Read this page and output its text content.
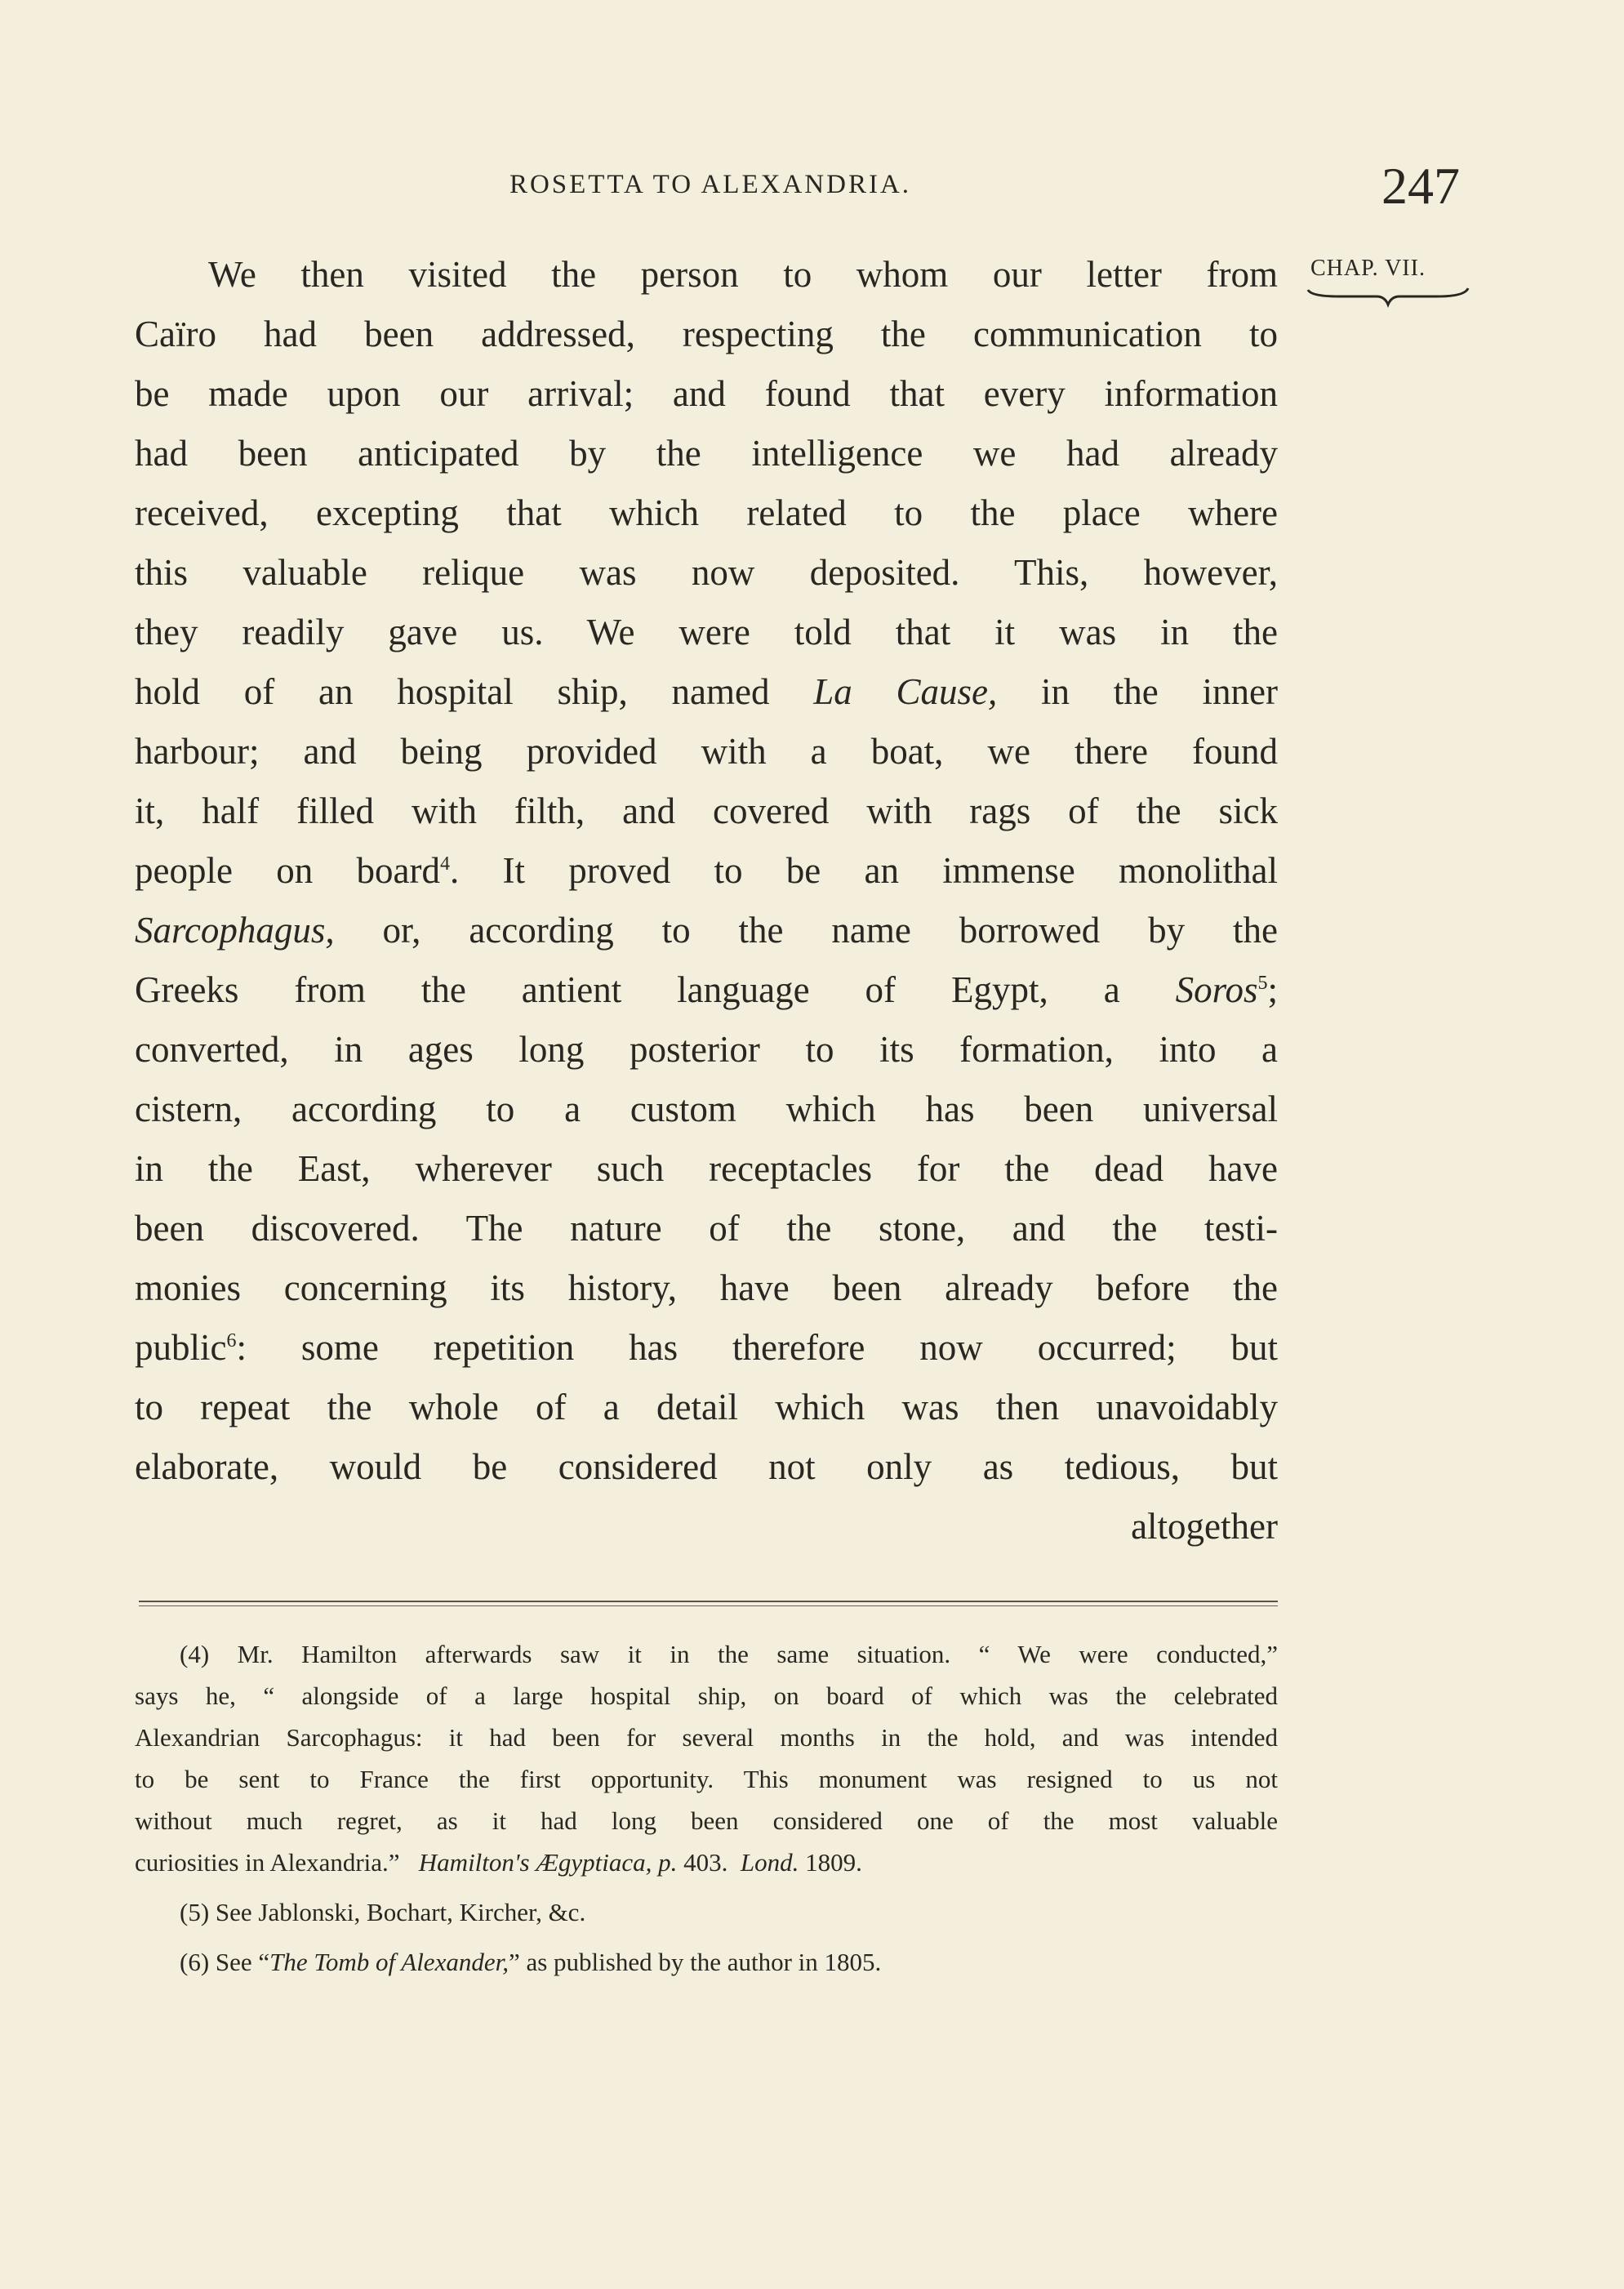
ROSETTA TO ALEXANDRIA.	247
CHAP. VII.
We then visited the person to whom our letter from
Caïro had been addressed, respecting the communication to
be made upon our arrival; and found that every information
had been anticipated by the intelligence we had already
received, excepting that which related to the place where
this valuable relique was now deposited. This, however,
they readily gave us. We were told that it was in the
hold of an hospital ship, named La Cause, in the inner
harbour; and being provided with a boat, we there found
it, half filled with filth, and covered with rags of the sick
people on board$^4$. It proved to be an immense monolithal
Sarcophagus, or, according to the name borrowed by the
Greeks from the antient language of Egypt, a Soros$^5$;
converted, in ages long posterior to its formation, into a
cistern, according to a custom which has been universal
in the East, wherever such receptacles for the dead have
been discovered. The nature of the stone, and the testi-
monies concerning its history, have been already before the
public$^6$: some repetition has therefore now occurred; but
to repeat the whole of a detail which was then unavoidably
elaborate, would be considered not only as tedious, but
altogether
(4) Mr. Hamilton afterwards saw it in the same situation. “ We were conducted,”
says he, “ alongside of a large hospital ship, on board of which was the celebrated
Alexandrian Sarcophagus: it had been for several months in the hold, and was intended
to be sent to France the first opportunity. This monument was resigned to us not
without much regret, as it had long been considered one of the most valuable
curiosities in Alexandria.” Hamilton's Ægyptiaca, p. 403. Lond. 1809.
(5) See Jablonski, Bochart, Kircher, &c.
(6) See “The Tomb of Alexander,” as published by the author in 1805.
